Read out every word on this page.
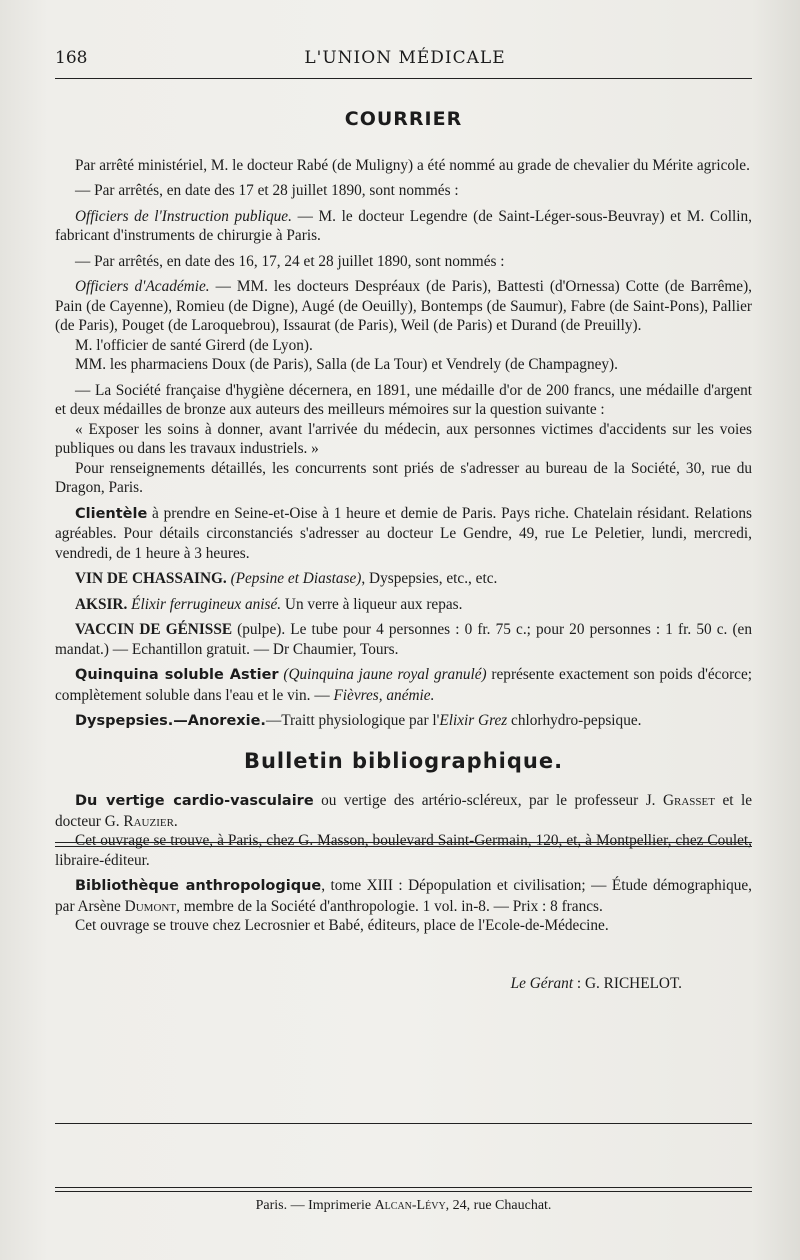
168	L'UNION MÉDICALE
COURRIER

Par arrêté ministériel, M. le docteur Rabé (de Muligny) a été nommé au grade de chevalier du Mérite agricole.

— Par arrêtés, en date des 17 et 28 juillet 1890, sont nommés :

Officiers de l'Instruction publique. — M. le docteur Legendre (de Saint-Léger-sous-Beuvray) et M. Collin, fabricant d'instruments de chirurgie à Paris.

— Par arrêtés, en date des 16, 17, 24 et 28 juillet 1890, sont nommés :

Officiers d'Académie. — MM. les docteurs Despréaux (de Paris), Battesti (d'Ornessa) Cotte (de Barrême), Pain (de Cayenne), Romieu (de Digne), Augé (de Oeuilly), Bontemps (de Saumur), Fabre (de Saint-Pons), Pallier (de Paris), Pouget (de Laroquebrou), Issaurat (de Paris), Weil (de Paris) et Durand (de Preuilly).

M. l'officier de santé Girerd (de Lyon).

MM. les pharmaciens Doux (de Paris), Salla (de La Tour) et Vendrely (de Champagney).

— La Société française d'hygiène décernera, en 1891, une médaille d'or de 200 francs, une médaille d'argent et deux médailles de bronze aux auteurs des meilleurs mémoires sur la question suivante :

« Exposer les soins à donner, avant l'arrivée du médecin, aux personnes victimes d'accidents sur les voies publiques ou dans les travaux industriels. »

Pour renseignements détaillés, les concurrents sont priés de s'adresser au bureau de la Société, 30, rue du Dragon, Paris.

Clientèle à prendre en Seine-et-Oise à 1 heure et demie de Paris. Pays riche. Chatelain résidant. Relations agréables. Pour détails circonstanciés s'adresser au docteur Le Gendre, 49, rue Le Peletier, lundi, mercredi, vendredi, de 1 heure à 3 heures.

VIN DE CHASSAING. (Pepsine et Diastase), Dyspepsies, etc., etc.

AKSIR. Élixir ferrugineux anisé. Un verre à liqueur aux repas.

VACCIN DE GÉNISSE (pulpe). Le tube pour 4 personnes : 0 fr. 75 c.; pour 20 personnes : 1 fr. 50 c. (en mandat.) — Echantillon gratuit. — Dr Chaumier, Tours.

Quinquina soluble Astier (Quinquina jaune royal granulé) représente exactement son poids d'écorce; complètement soluble dans l'eau et le vin. — Fièvres, anémie.

Dyspepsies.—Anorexie.—Traitt physiologique par l'Elixir Grez chlorhydro-pepsique.

Bulletin bibliographique.

Du vertige cardio-vasculaire ou vertige des artério-scléreux, par le professeur J. Grasset et le docteur G. Rauzier.

Cet ouvrage se trouve, à Paris, chez G. Masson, boulevard Saint-Germain, 120, et, à Montpellier, chez Coulet, libraire-éditeur.

Bibliothèque anthropologique, tome XIII : Dépopulation et civilisation; — Étude démographique, par Arsène Dumont, membre de la Société d'anthropologie. 1 vol. in-8. — Prix : 8 francs.

Cet ouvrage se trouve chez Lecrosnier et Babé, éditeurs, place de l'Ecole-de-Médecine.

Le Gérant : G. RICHELOT.
Paris. — Imprimerie Alcan-Lévy, 24, rue Chauchat.
